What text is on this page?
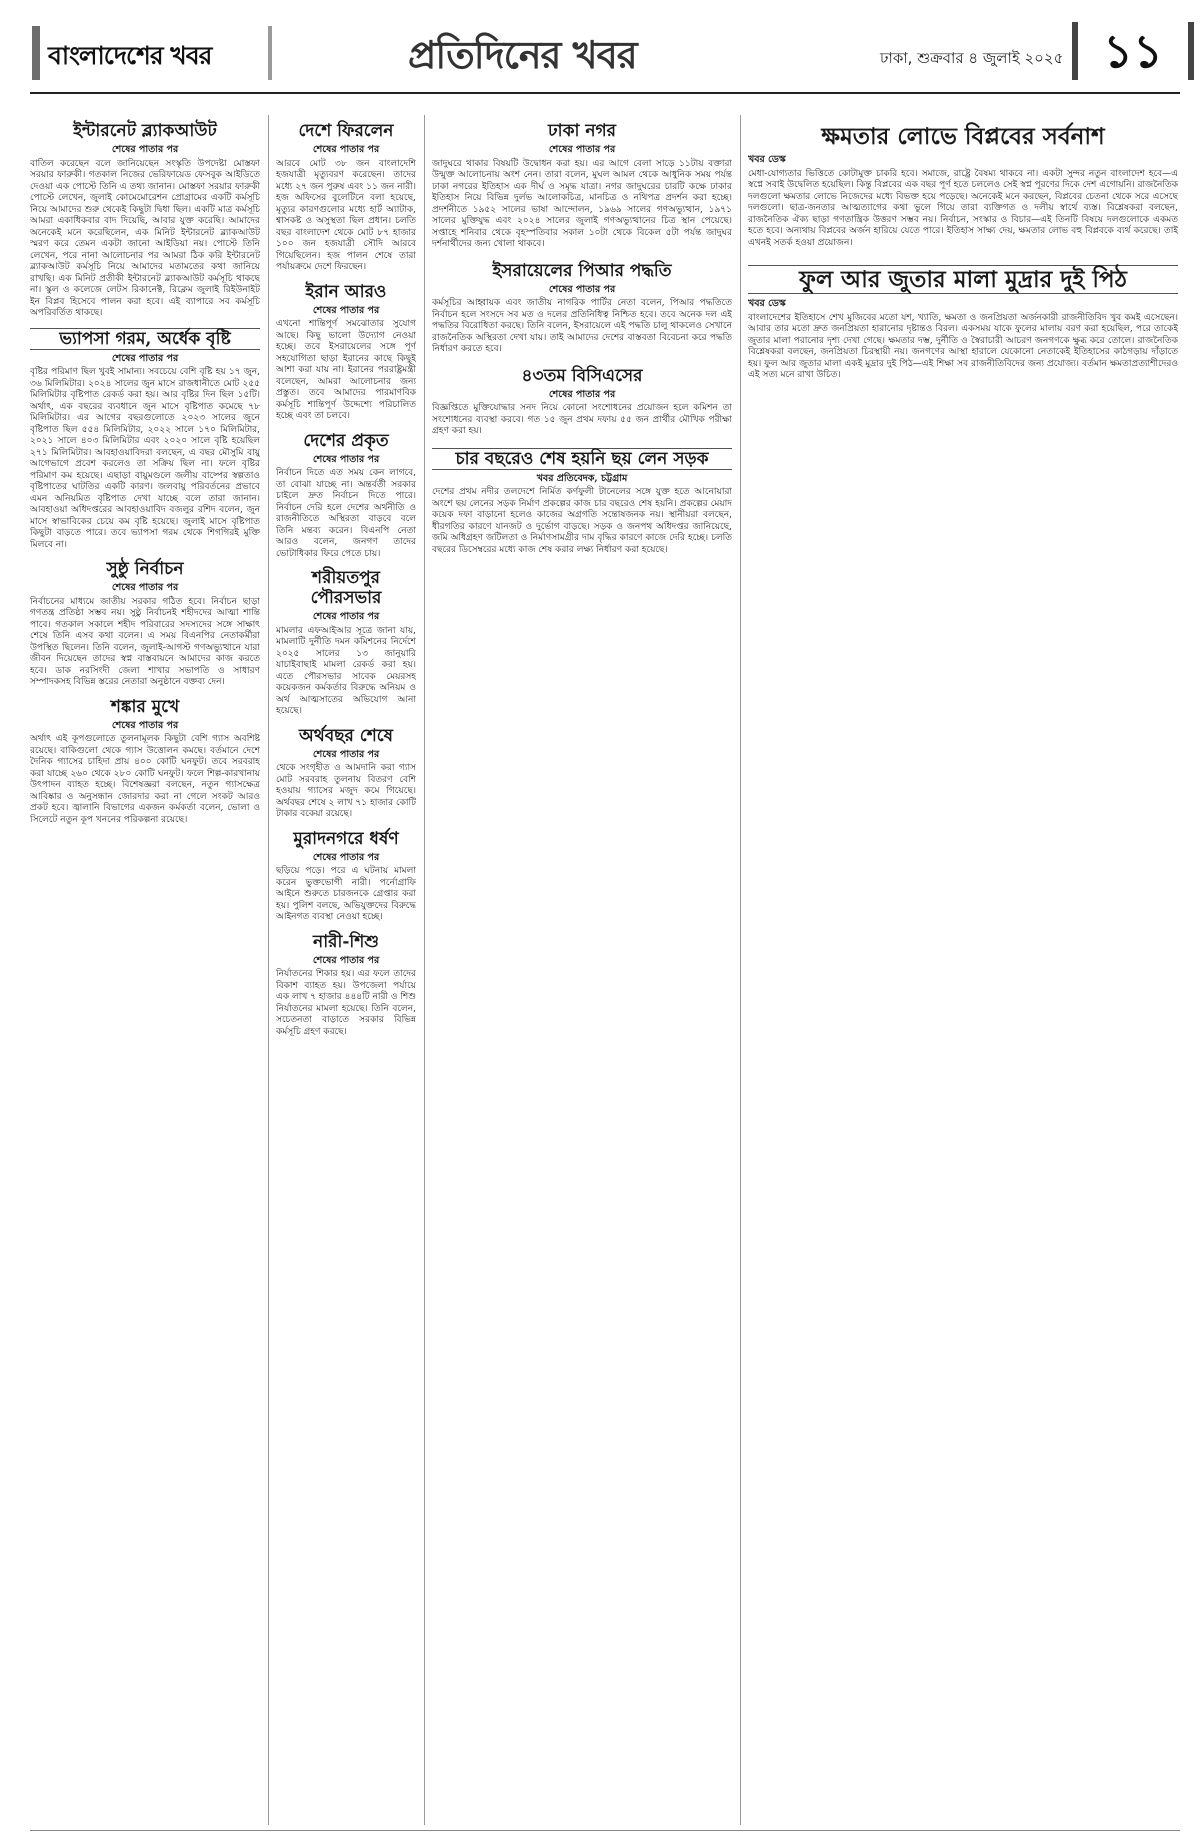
বাংলাদেশের খবর	প্রতিদিনের খবর	ঢাকা, শুক্রবার ৪ জুলাই ২০২৫ ১১
ইন্টারনেট ব্ল্যাকআউট
শেষের পাতার পর

বাতিল করেছেন বলে জানিয়েছেন সংস্কৃতি উপদেষ্টা মোস্তফা সরয়ার ফারুকী। গতকাল নিজের ভেরিফায়েড ফেসবুক আইডিতে দেওয়া এক পোস্টে তিনি এ তথ্য জানান। মোস্তফা সরয়ার ফারুকী পোস্টে লেখেন, জুলাই কোমেমোরেশন প্রোগ্রামের একটি কর্মসূচি নিয়ে আমাদের শুরু থেকেই কিছুটা দ্বিধা ছিল। একটি মাত্র কর্মসূচি আমরা একাধিকবার বাদ দিয়েছি, আবার যুক্ত করেছি। আমাদের অনেকেই মনে করেছিলেন, এক মিনিট ইন্টারনেট ব্ল্যাকআউট স্মরণ করে তেমন একটা জানো আইডিয়া নয়। পোস্টে তিনি লেখেন, পরে নানা আলোচনার পর আমরা ঠিক করি ইন্টারনেট ব্ল্যাকআউট কর্মসূচি নিয়ে আমাদের মতামতের কথা জানিয়ে রাখছি। এক মিনিট প্রতীকী ইন্টারনেট ব্ল্যাকআউট কর্মসূচি থাকছে না। স্কুল ও কলেজে লেটস রিকানেক্ট, রিক্লেম জুলাই রিইউনাইট ইন বিপ্লব হিসেবে পালন করা হবে। এই ব্যাপারে সব কর্মসূচি অপরিবর্তিত থাকছে।

ভ্যাপসা গরম, অর্ধেক বৃষ্টি
শেষের পাতার পর

বৃষ্টির পরিমাণ ছিল খুবই সামান্য। সবচেয়ে বেশি বৃষ্টি হয় ১৭ জুন, ৩৬ মিলিমিটার। ২০২৪ সালের জুন মাসে রাজধানীতে মোট ২৫৫ মিলিমিটার বৃষ্টিপাত রেকর্ড করা হয়। আর বৃষ্টির দিন ছিল ১৫টি। অর্থাৎ, এক বছরের ব্যবধানে জুন মাসে বৃষ্টিপাত কমেছে ৭৮ মিলিমিটার। এর আগের বছরগুলোতে ২০২৩ সালের জুনে বৃষ্টিপাত ছিল ৫৫৪ মিলিমিটার, ২০২২ সালে ১৭০ মিলিমিটার, ২০২১ সালে ৪০৩ মিলিমিটার এবং ২০২০ সালে বৃষ্টি হয়েছিল ২৭১ মিলিমিটার। আবহাওয়াবিদরা বলছেন, এ বছর মৌসুমি বায়ু আগেভাগে প্রবেশ করলেও তা সক্রিয় ছিল না। ফলে বৃষ্টির পরিমাণ কম হয়েছে। এছাড়া বায়ুমণ্ডলে জলীয় বাষ্পের স্বল্পতাও বৃষ্টিপাতের ঘাটতির একটি কারণ। জলবায়ু পরিবর্তনের প্রভাবে এমন অনিয়মিত বৃষ্টিপাত দেখা যাচ্ছে বলে তারা জানান। আবহাওয়া অধিদপ্তরের আবহাওয়াবিদ বজলুর রশিদ বলেন, জুন মাসে স্বাভাবিকের চেয়ে কম বৃষ্টি হয়েছে। জুলাই মাসে বৃষ্টিপাত কিছুটা বাড়তে পারে। তবে ভ্যাপসা গরম থেকে শিগগিরই মুক্তি মিলবে না।

সুষ্ঠু নির্বাচন
শেষের পাতার পর

নির্বাচনের মাধ্যমে জাতীয় সরকার গঠিত হবে। নির্বাচন ছাড়া গণতন্ত্র প্রতিষ্ঠা সম্ভব নয়। সুষ্ঠু নির্বাচনই শহীদদের আত্মা শান্তি পাবে। গতকাল সকালে শহীদ পরিবারের সদস্যদের সঙ্গে সাক্ষাৎ শেষে তিনি এসব কথা বলেন। এ সময় বিএনপির নেতাকর্মীরা উপস্থিত ছিলেন। তিনি বলেন, জুলাই-আগস্ট গণঅভ্যুত্থানে যারা জীবন দিয়েছেন তাদের স্বপ্ন বাস্তবায়নে আমাদের কাজ করতে হবে। ডাক নরসিংদী জেলা শাখার সভাপতি ও সাধারণ সম্পাদকসহ বিভিন্ন স্তরের নেতারা অনুষ্ঠানে বক্তব্য দেন।

শঙ্কার মুখে
শেষের পাতার পর

অর্থাৎ এই কূপগুলোতে তুলনামূলক কিছুটা বেশি গ্যাস অবশিষ্ট রয়েছে। বাকিগুলো থেকে গ্যাস উত্তোলন কমছে। বর্তমানে দেশে দৈনিক গ্যাসের চাহিদা প্রায় ৪০০ কোটি ঘনফুট। তবে সরবরাহ করা যাচ্ছে ২৬০ থেকে ২৮০ কোটি ঘনফুট। ফলে শিল্প-কারখানায় উৎপাদন ব্যাহত হচ্ছে। বিশেষজ্ঞরা বলছেন, নতুন গ্যাসক্ষেত্র আবিষ্কার ও অনুসন্ধান জোরদার করা না গেলে সংকট আরও প্রকট হবে। জ্বালানি বিভাগের একজন কর্মকর্তা বলেন, ভোলা ও সিলেটে নতুন কূপ খননের পরিকল্পনা রয়েছে।

দেশে ফিরলেন
শেষের পাতার পর

আরবে মোট ৩৮ জন বাংলাদেশি হজযাত্রী মৃত্যুবরণ করেছেন। তাদের মধ্যে ২৭ জন পুরুষ এবং ১১ জন নারী। হজ অফিসের বুলেটিনে বলা হয়েছে, মৃত্যুর কারণগুলোর মধ্যে হার্ট অ্যাটাক, শ্বাসকষ্ট ও অসুস্থতা ছিল প্রধান। চলতি বছর বাংলাদেশ থেকে মোট ৮৭ হাজার ১০০ জন হজযাত্রী সৌদি আরবে গিয়েছিলেন। হজ পালন শেষে তারা পর্যায়ক্রমে দেশে ফিরছেন।

ইরান আরও
শেষের পাতার পর

এখনো শান্তিপূর্ণ সমঝোতার সুযোগ আছে। কিছু ভালো উদ্যোগ নেওয়া হচ্ছে। তবে ইসরায়েলের সঙ্গে পূর্ণ সহযোগিতা ছাড়া ইরানের কাছে কিছুই আশা করা যায় না। ইরানের পররাষ্ট্রমন্ত্রী বলেছেন, আমরা আলোচনার জন্য প্রস্তুত। তবে আমাদের পারমাণবিক কর্মসূচি শান্তিপূর্ণ উদ্দেশ্যে পরিচালিত হচ্ছে এবং তা চলবে।

দেশের প্রকৃত
শেষের পাতার পর

নির্বাচন দিতে এত সময় কেন লাগবে, তা বোঝা যাচ্ছে না। অন্তর্বর্তী সরকার চাইলে দ্রুত নির্বাচন দিতে পারে। নির্বাচন দেরি হলে দেশের অর্থনীতি ও রাজনীতিতে অস্থিরতা বাড়বে বলে তিনি মন্তব্য করেন। বিএনপি নেতা আরও বলেন, জনগণ তাদের ভোটাধিকার ফিরে পেতে চায়।

শরীয়তপুর পৌরসভার
শেষের পাতার পর

মামলার এফআইআর সূত্রে জানা যায়, মামলাটি দুর্নীতি দমন কমিশনের নির্দেশে ২০২৫ সালের ১৩ জানুয়ারি যাচাইবাছাই মামলা রেকর্ড করা হয়। এতে পৌরসভার সাবেক মেয়রসহ কয়েকজন কর্মকর্তার বিরুদ্ধে অনিয়ম ও অর্থ আত্মসাতের অভিযোগ আনা হয়েছে।

অর্থবছর শেষে
শেষের পাতার পর

থেকে সংগৃহীত ও আমদানি করা গ্যাস মোট সরবরাহ তুলনায় বিতরণ বেশি হওয়ায় গ্যাসের মজুদ কমে গিয়েছে। অর্থবছর শেষে ২ লাখ ৭১ হাজার কোটি টাকার বকেয়া রয়েছে।

মুরাদনগরে ধর্ষণ
শেষের পাতার পর

ছড়িয়ে পড়ে। পরে এ ঘটনায় মামলা করেন ভুক্তভোগী নারী। পর্নোগ্রাফি আইনে শুরুতে চারজনকে গ্রেপ্তার করা হয়। পুলিশ বলছে, অভিযুক্তদের বিরুদ্ধে আইনগত ব্যবস্থা নেওয়া হচ্ছে।

নারী-শিশু
শেষের পাতার পর

নির্যাতনের শিকার হয়। এর ফলে তাদের বিকাশ ব্যাহত হয়। উপজেলা পর্যায়ে এক লাখ ৭ হাজার ৪৪৪টি নারী ও শিশু নির্যাতনের মামলা হয়েছে। তিনি বলেন, সচেতনতা বাড়াতে সরকার বিভিন্ন কর্মসূচি গ্রহণ করছে।

ঢাকা নগর
শেষের পাতার পর

জাদুঘরে থাকার বিষয়টি উদ্বোধন করা হয়। এর আগে বেলা সাড়ে ১১টায় বক্তারা উন্মুক্ত আলোচনায় অংশ নেন। তারা বলেন, মুঘল আমল থেকে আধুনিক সময় পর্যন্ত ঢাকা নগরের ইতিহাস এক দীর্ঘ ও সমৃদ্ধ যাত্রা। নগর জাদুঘরের চারটি কক্ষে ঢাকার ইতিহাস নিয়ে বিভিন্ন দুর্লভ আলোকচিত্র, মানচিত্র ও নথিপত্র প্রদর্শন করা হচ্ছে। প্রদর্শনীতে ১৯৫২ সালের ভাষা আন্দোলন, ১৯৬৯ সালের গণঅভ্যুত্থান, ১৯৭১ সালের মুক্তিযুদ্ধ এবং ২০২৪ সালের জুলাই গণঅভ্যুত্থানের চিত্র স্থান পেয়েছে। সপ্তাহে শনিবার থেকে বৃহস্পতিবার সকাল ১০টা থেকে বিকেল ৫টা পর্যন্ত জাদুঘর দর্শনার্থীদের জন্য খোলা থাকবে।

ইসরায়েলের পিআর পদ্ধতি
শেষের পাতার পর

কর্মসূচির আহ্বায়ক এবং জাতীয় নাগরিক পার্টির নেতা বলেন, পিআর পদ্ধতিতে নির্বাচন হলে সংসদে সব মত ও দলের প্রতিনিধিত্ব নিশ্চিত হবে। তবে অনেক দল এই পদ্ধতির বিরোধিতা করছে। তিনি বলেন, ইসরায়েলে এই পদ্ধতি চালু থাকলেও সেখানে রাজনৈতিক অস্থিরতা দেখা যায়। তাই আমাদের দেশের বাস্তবতা বিবেচনা করে পদ্ধতি নির্ধারণ করতে হবে।

৪৩তম বিসিএসের
শেষের পাতার পর

বিজ্ঞপ্তিতে মুক্তিযোদ্ধার সনদ নিয়ে কোনো সংশোধনের প্রয়োজন হলে কমিশন তা সংশোধনের ব্যবস্থা করবে। গত ১৫ জুন প্রথম দফায় ৫৫ জন প্রার্থীর মৌখিক পরীক্ষা গ্রহণ করা হয়।

চার বছরেও শেষ হয়নি ছয় লেন সড়ক
খবর প্রতিবেদক, চট্টগ্রাম

দেশের প্রথম নদীর তলদেশে নির্মিত কর্ণফুলী টানেলের সঙ্গে যুক্ত হতে আনোয়ারা অংশে ছয় লেনের সড়ক নির্মাণ প্রকল্পের কাজ চার বছরেও শেষ হয়নি। প্রকল্পের মেয়াদ কয়েক দফা বাড়ানো হলেও কাজের অগ্রগতি সন্তোষজনক নয়। স্থানীয়রা বলছেন, ধীরগতির কারণে যানজট ও দুর্ভোগ বাড়ছে। সড়ক ও জনপথ অধিদপ্তর জানিয়েছে, জমি অধিগ্রহণ জটিলতা ও নির্মাণসামগ্রীর দাম বৃদ্ধির কারণে কাজে দেরি হচ্ছে। চলতি বছরের ডিসেম্বরের মধ্যে কাজ শেষ করার লক্ষ্য নির্ধারণ করা হয়েছে।

ক্ষমতার লোভে বিপ্লবের সর্বনাশ
খবর ডেস্ক

মেধা-যোগ্যতার ভিত্তিতে কোটামুক্ত চাকরি হবে। সমাজে, রাষ্ট্রে বৈষম্য থাকবে না। একটা সুন্দর নতুন বাংলাদেশ হবে—এ স্বপ্নে সবাই উদ্বেলিত হয়েছিল। কিন্তু বিপ্লবের এক বছর পূর্ণ হতে চললেও সেই স্বপ্ন পূরণের দিকে দেশ এগোয়নি। রাজনৈতিক দলগুলো ক্ষমতার লোভে নিজেদের মধ্যে বিভক্ত হয়ে পড়েছে। অনেকেই মনে করছেন, বিপ্লবের চেতনা থেকে সরে এসেছে দলগুলো। ছাত্র-জনতার আত্মত্যাগের কথা ভুলে গিয়ে তারা ব্যক্তিগত ও দলীয় স্বার্থে ব্যস্ত। বিশ্লেষকরা বলছেন, রাজনৈতিক ঐক্য ছাড়া গণতান্ত্রিক উত্তরণ সম্ভব নয়। নির্বাচন, সংস্কার ও বিচার—এই তিনটি বিষয়ে দলগুলোকে একমত হতে হবে। অন্যথায় বিপ্লবের অর্জন হারিয়ে যেতে পারে। ইতিহাস সাক্ষ্য দেয়, ক্ষমতার লোভ বহু বিপ্লবকে ব্যর্থ করেছে। তাই এখনই সতর্ক হওয়া প্রয়োজন।

ফুল আর জুতার মালা মুদ্রার দুই পিঠ
খবর ডেস্ক

বাংলাদেশের ইতিহাসে শেখ মুজিবের মতো যশ, খ্যাতি, ক্ষমতা ও জনপ্রিয়তা অর্জনকারী রাজনীতিবিদ খুব কমই এসেছেন। আবার তার মতো দ্রুত জনপ্রিয়তা হারানোর দৃষ্টান্তও বিরল। একসময় যাকে ফুলের মালায় বরণ করা হয়েছিল, পরে তাকেই জুতার মালা পরানোর দৃশ্য দেখা গেছে। ক্ষমতার দম্ভ, দুর্নীতি ও স্বৈরাচারী আচরণ জনগণকে ক্ষুব্ধ করে তোলে। রাজনৈতিক বিশ্লেষকরা বলছেন, জনপ্রিয়তা চিরস্থায়ী নয়। জনগণের আস্থা হারালে যেকোনো নেতাকেই ইতিহাসের কাঠগড়ায় দাঁড়াতে হয়। ফুল আর জুতার মালা একই মুদ্রার দুই পিঠ—এই শিক্ষা সব রাজনীতিবিদের জন্য প্রযোজ্য। বর্তমান ক্ষমতাপ্রত্যাশীদেরও এই সত্য মনে রাখা উচিত।
